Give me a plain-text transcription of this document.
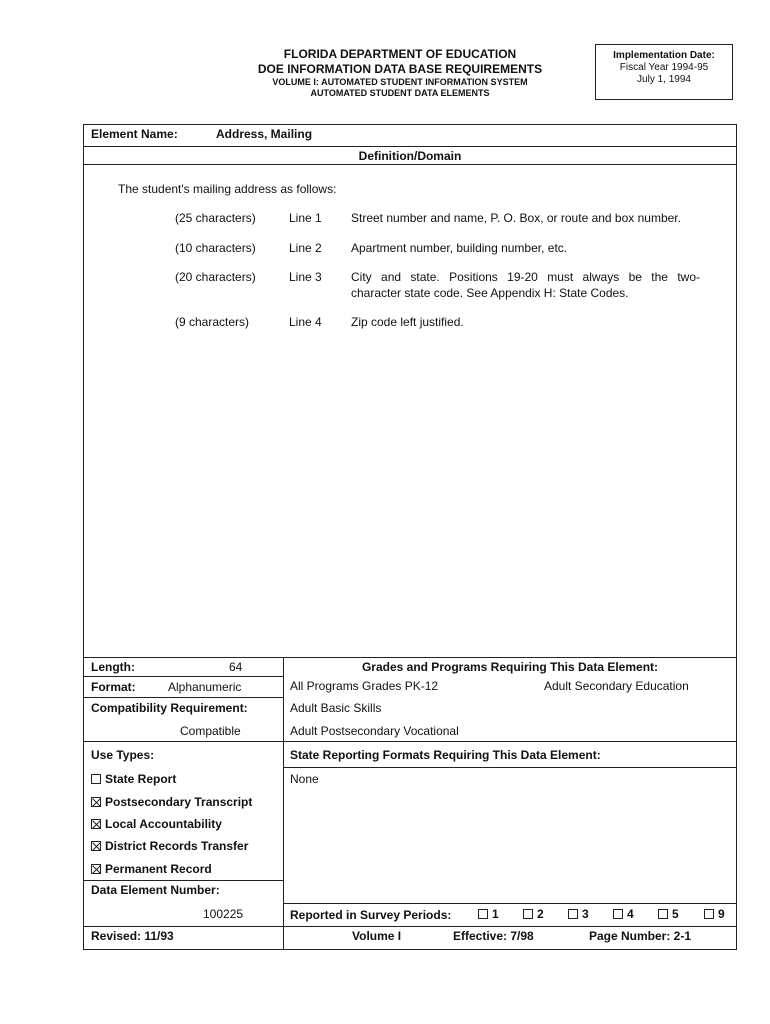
FLORIDA DEPARTMENT OF EDUCATION
DOE INFORMATION DATA BASE REQUIREMENTS
VOLUME I: AUTOMATED STUDENT INFORMATION SYSTEM
AUTOMATED STUDENT DATA ELEMENTS
Implementation Date:
Fiscal Year 1994-95
July 1, 1994
Element Name:	Address, Mailing
Definition/Domain
The student's mailing address as follows:
(25 characters)	Line 1 Street number and name, P. O. Box, or route and box number.
(10 characters)	Line 2 Apartment number, building number, etc.
(20 characters)	Line 3 City and state. Positions 19-20 must always be the two-
character state code. See Appendix H: State Codes.
(9 characters)	Line 4 Zip code left justified.
Length:	64
Format:	Alphanumeric
Compatibility Requirement:
Compatible
Grades and Programs Requiring This Data Element:
All Programs Grades PK-12	Adult Secondary Education
Adult Basic Skills
Adult Postsecondary Vocational
Use Types:
State Report
Postsecondary Transcript
Local Accountability
District Records Transfer
Permanent Record
State Reporting Formats Requiring This Data Element:
None
Data Element Number:
100225	Reported in Survey Periods:	1	2	3	4	5	9
Revised: 11/93	Volume I	Effective: 7/98	Page Number: 2-1
